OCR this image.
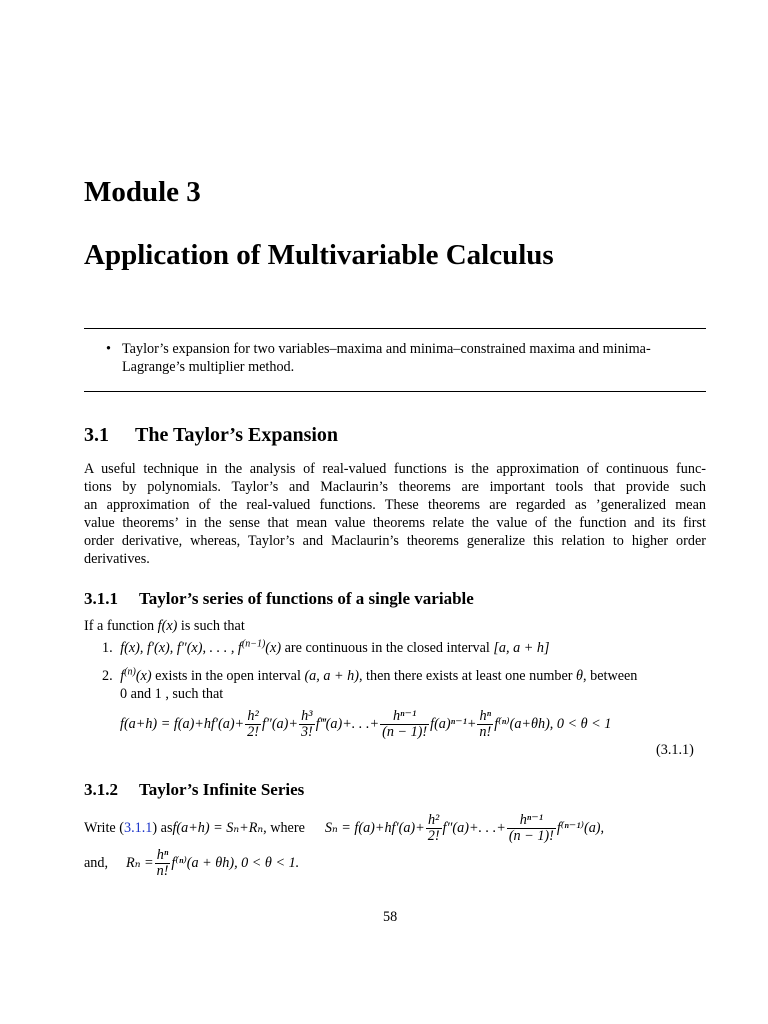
Module 3
Application of Multivariable Calculus
• Taylor’s expansion for two variables–maxima and minima–constrained maxima and minima-
Lagrange’s multiplier method.
3.1 The Taylor’s Expansion
A useful technique in the analysis of real-valued functions is the approximation of continuous func-
tions by polynomials. Taylor’s and Maclaurin’s theorems are important tools that provide such
an approximation of the real-valued functions. These theorems are regarded as ’generalized mean
value theorems’ in the sense that mean value theorems relate the value of the function and its first
order derivative, whereas, Taylor’s and Maclaurin’s theorems generalize this relation to higher order
derivatives.
3.1.1 Taylor’s series of functions of a single variable
If a function f(x) is such that
1. f(x), f′(x), f″(x), . . . , $f^{(n-1)}(x)$ are continuous in the closed interval [a, a + h]
2. $f^{(n)}(x)$ exists in the open interval (a, a + h), then there exists at least one number θ, between
0 and 1 , such that
$f(a+h) = f(a)+hf'(a)+ \frac{\text{h²}}{2!} f''(a)+ \frac{\text{h³}}{3!}$ f‴(a)+. . .+ $\frac{\text{hⁿ⁻¹}}{(n - 1)!} f(a)^{n-1}+ \frac{\text{hⁿ}}{n!} f^{(n)}(a+\theta h)$, 0 < θ < 1
(3.1.1)
3.1.2 Taylor’s Infinite Series
Write ( 3.1.1 ) as f(a+h) = Sₙ+Rₙ , where $S_n = f(a)+hf'(a)+ \frac{\text{h²}}{2!} f''(a)+$. . .+ $\frac{\text{hⁿ⁻¹}}{(n - 1)!} f^{(n-1)}(a)$,
and, $R_n = \frac{\text{hⁿ}}{n!} f^{(n)}(a + \theta h)$, 0 < θ < 1.
58
